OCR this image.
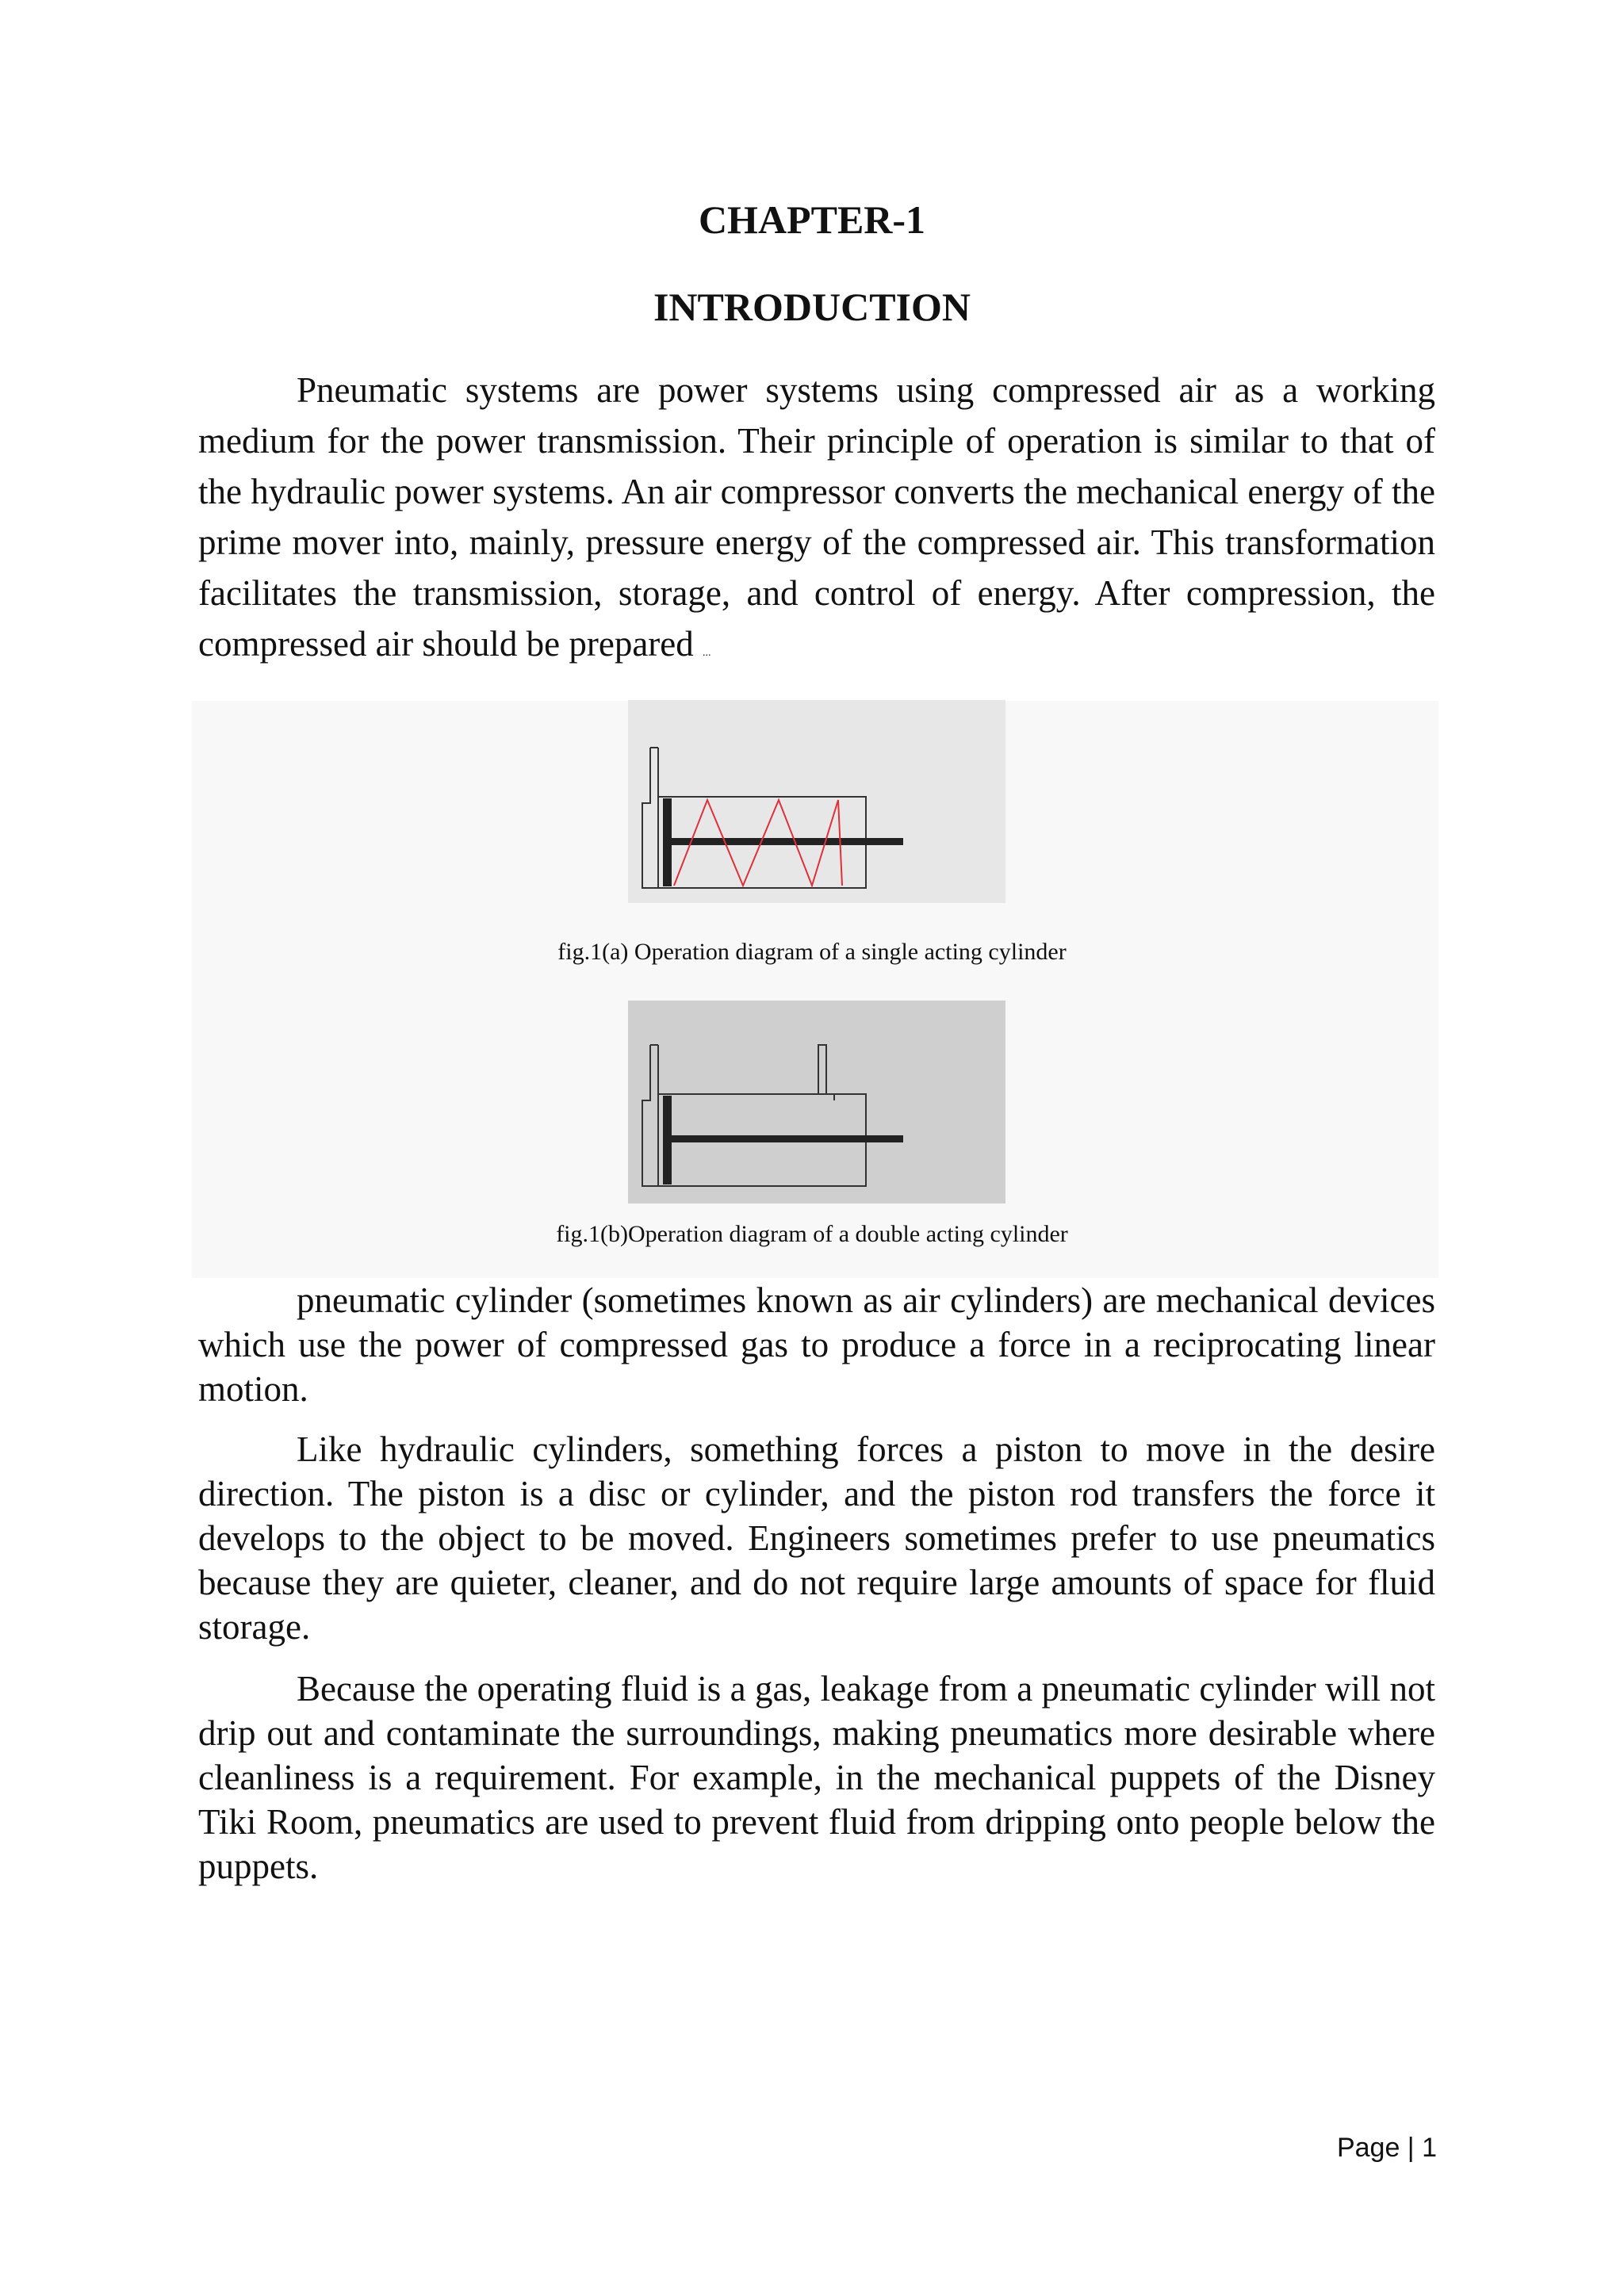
CHAPTER-1
INTRODUCTION

Pneumatic systems are power systems using compressed air as a working medium for the power transmission. Their principle of operation is similar to that of the hydraulic power systems. An air compressor converts the mechanical energy of the prime mover into, mainly, pressure energy of the compressed air. This transformation facilitates the transmission, storage, and control of energy. After compression, the compressed air should be prepared ...

fig.1(a) Operation diagram of a single acting cylinder

fig.1(b)Operation diagram of a double acting cylinder

pneumatic cylinder (sometimes known as air cylinders) are mechanical devices which use the power of compressed gas to produce a force in a reciprocating linear motion.

Like hydraulic cylinders, something forces a piston to move in the desire direction. The piston is a disc or cylinder, and the piston rod transfers the force it develops to the object to be moved. Engineers sometimes prefer to use pneumatics because they are quieter, cleaner, and do not require large amounts of space for fluid storage.

Because the operating fluid is a gas, leakage from a pneumatic cylinder will not drip out and contaminate the surroundings, making pneumatics more desirable where cleanliness is a requirement. For example, in the mechanical puppets of the Disney Tiki Room, pneumatics are used to prevent fluid from dripping onto people below the puppets.

Page | 1
